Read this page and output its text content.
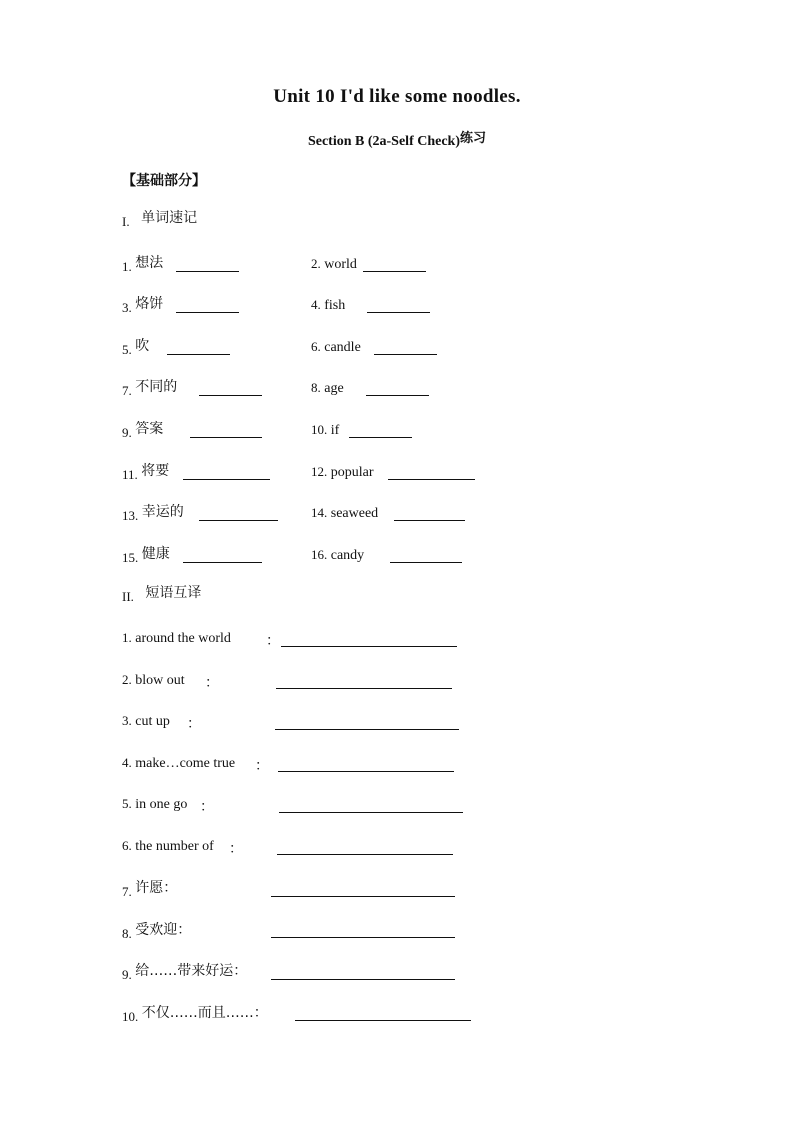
Unit 10 I'd like some noodles.
Section B (2a-Self Check)练习
【基础部分】
I. 单词速记
1. 想法	2. world
3. 烙饼	4. fish
5. 吹	6. candle
7. 不同的	8. age
9. 答案	10. if
11. 将要	12. popular
13. 幸运的	14. seaweed
15. 健康	16. candy
II. 短语互译
1. around the world	：
2. blow out ：
3. cut up ：
4. make…come true ：
5. in one go ：
6. the number of ：
7. 许愿：
8. 受欢迎：
9. 给……带来好运：
10. 不仅……而且……：
